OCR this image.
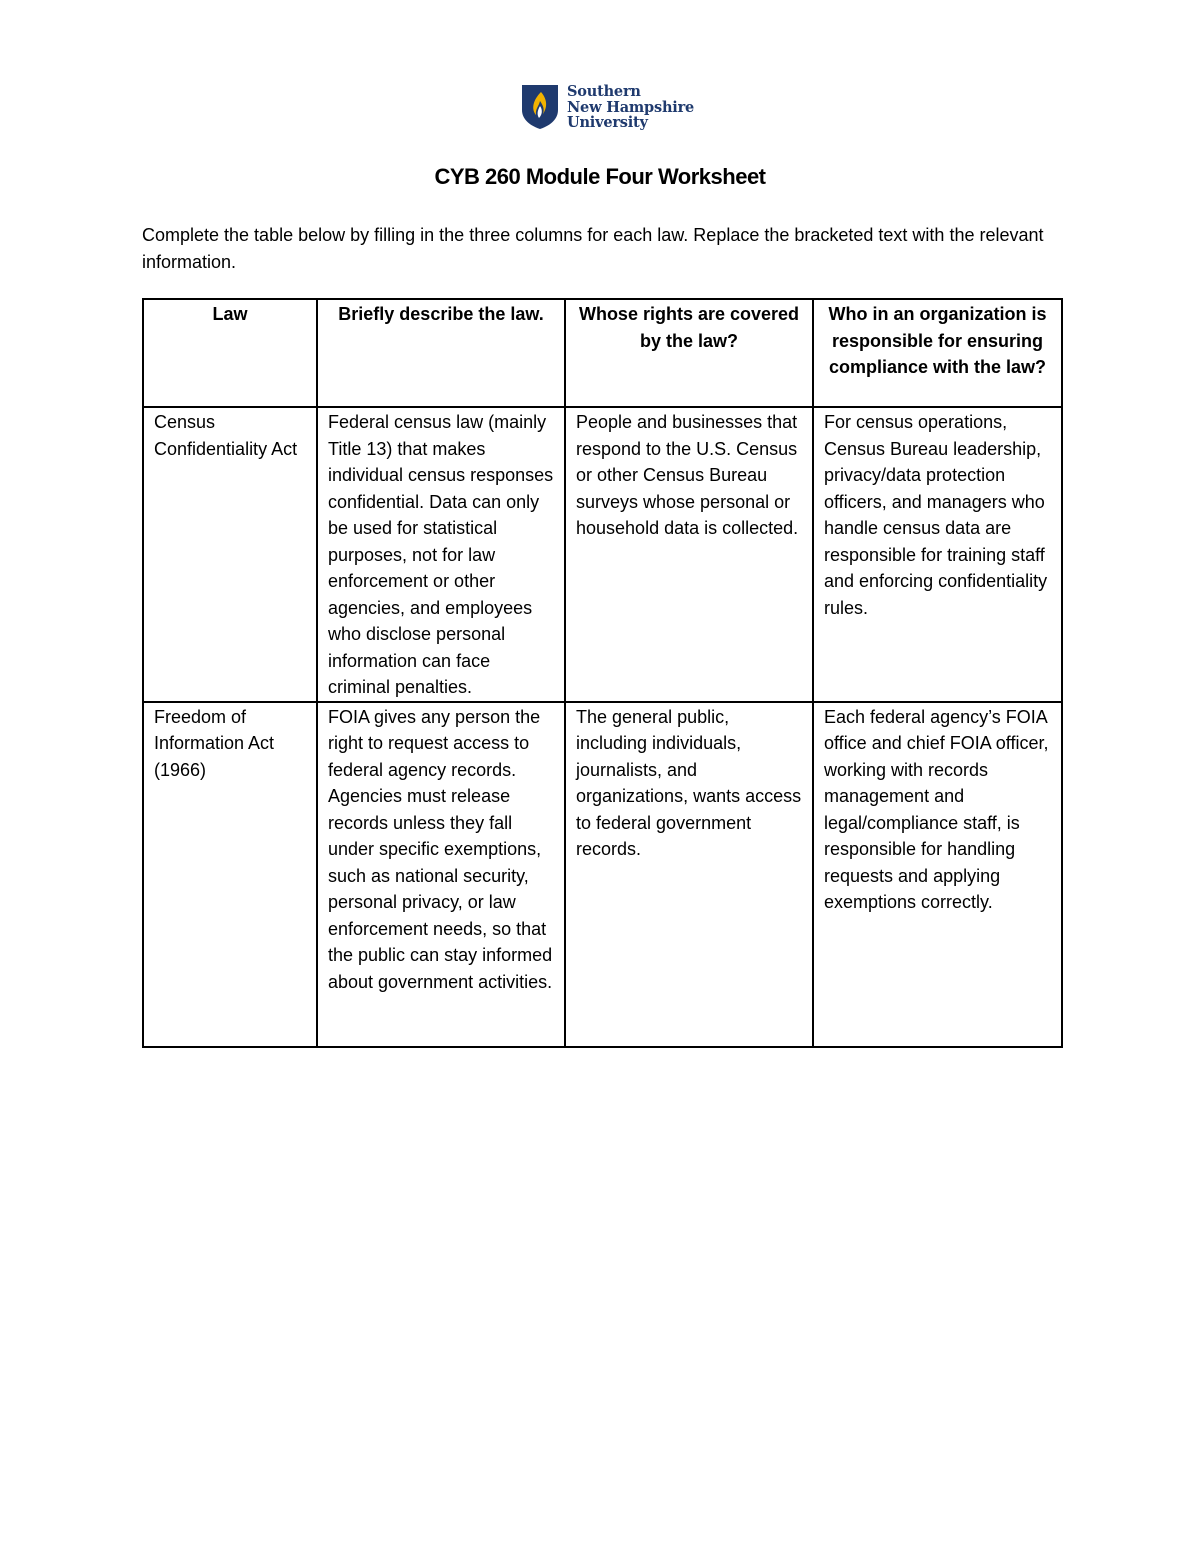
Southern
New Hampshire
University
CYB 260 Module Four Worksheet
Complete the table below by filling in the three columns for each law. Replace the bracketed text with the relevant information.
Law	Briefly describe the law.	Whose rights are covered by the law?	Who in an organization is responsible for ensuring compliance with the law?
Census Confidentiality Act	Federal census law (mainly Title 13) that makes individual census responses confidential. Data can only be used for statistical purposes, not for law enforcement or other agencies, and employees who disclose personal information can face criminal penalties.	People and businesses that respond to the U.S. Census or other Census Bureau surveys whose personal or household data is collected.	For census operations, Census Bureau leadership, privacy/data protection officers, and managers who handle census data are responsible for training staff and enforcing confidentiality rules.
Freedom of Information Act (1966)	FOIA gives any person the right to request access to federal agency records. Agencies must release records unless they fall under specific exemptions, such as national security, personal privacy, or law enforcement needs, so that the public can stay informed about government activities.	The general public, including individuals, journalists, and organizations, wants access to federal government records.	Each federal agency’s FOIA office and chief FOIA officer, working with records management and legal/compliance staff, is responsible for handling requests and applying exemptions correctly.
